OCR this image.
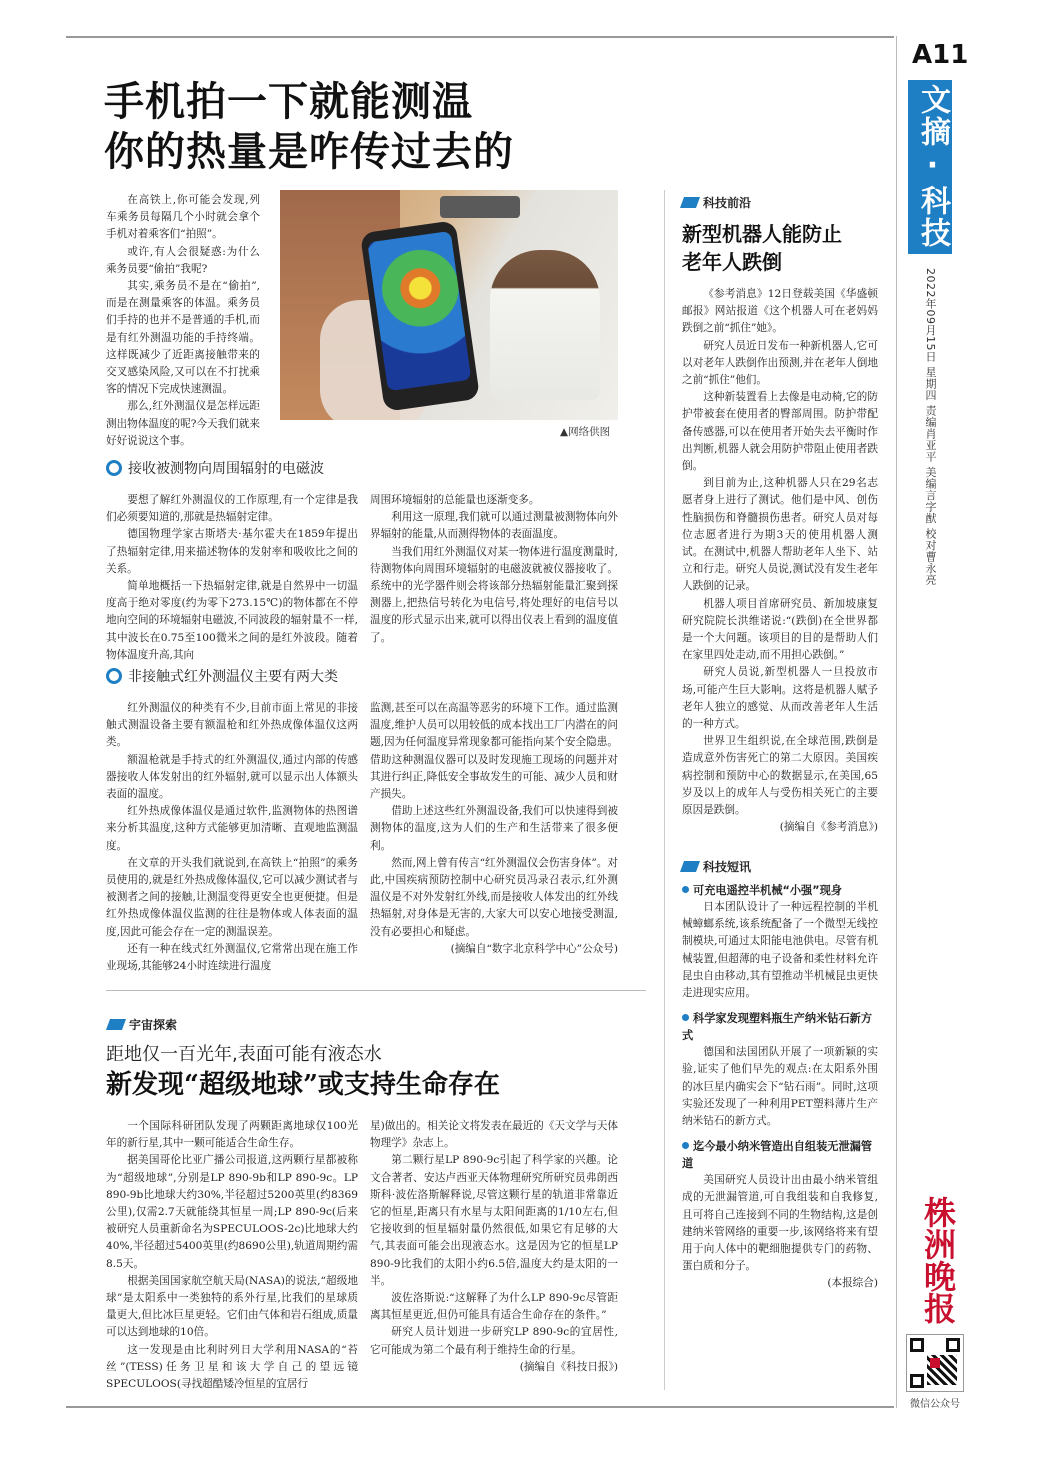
A11
文摘·科技
2022年09月15日 星期四 责编肖亚平 美编言字猷 校对曹永亮
株洲晚报
微信公众号
手机拍一下就能测温
你的热量是咋传过去的

在高铁上,你可能会发现,列车乘务员每隔几个小时就会拿个手机对着乘客们“拍照”。

或许,有人会很疑惑:为什么乘务员要“偷拍”我呢?

其实,乘务员不是在“偷拍”,而是在测量乘客的体温。乘务员们手持的也并不是普通的手机,而是有红外测温功能的手持终端。这样既减少了近距离接触带来的交叉感染风险,又可以在不打扰乘客的情况下完成快速测温。

那么,红外测温仪是怎样远距测出物体温度的呢?今天我们就来好好说说这个事。

▲网络供图
接收被测物向周围辐射的电磁波

要想了解红外测温仪的工作原理,有一个定律是我们必须要知道的,那就是热辐射定律。

德国物理学家古斯塔夫·基尔霍夫在1859年提出了热辐射定律,用来描述物体的发射率和吸收比之间的关系。

简单地概括一下热辐射定律,就是自然界中一切温度高于绝对零度(约为零下273.15℃)的物体都在不停地向空间的环境辐射电磁波,不同波段的辐射量不一样,其中波长在0.75至100微米之间的是红外波段。随着物体温度升高,其向

周围环境辐射的总能量也逐渐变多。

利用这一原理,我们就可以通过测量被测物体向外界辐射的能量,从而测得物体的表面温度。

当我们用红外测温仪对某一物体进行温度测量时,待测物体向周围环境辐射的电磁波就被仪器接收了。系统中的光学器件则会将该部分热辐射能量汇聚到探测器上,把热信号转化为电信号,将处理好的电信号以温度的形式显示出来,就可以得出仪表上看到的温度值了。

非接触式红外测温仪主要有两大类

红外测温仪的种类有不少,目前市面上常见的非接触式测温设备主要有额温枪和红外热成像体温仪这两类。

额温枪就是手持式的红外测温仪,通过内部的传感器接收人体发射出的红外辐射,就可以显示出人体额头表面的温度。

红外热成像体温仪是通过软件,监测物体的热图谱来分析其温度,这种方式能够更加清晰、直观地监测温度。

在文章的开头我们就说到,在高铁上“拍照”的乘务员使用的,就是红外热成像体温仪,它可以减少测试者与被测者之间的接触,让测温变得更安全也更便捷。但是红外热成像体温仪监测的往往是物体或人体表面的温度,因此可能会存在一定的测温误差。

还有一种在线式红外测温仪,它常常出现在施工作业现场,其能够24小时连续进行温度

监测,甚至可以在高温等恶劣的环境下工作。通过监测温度,维护人员可以用较低的成本找出工厂内潜在的问题,因为任何温度异常现象都可能指向某个安全隐患。借助这种测温仪器可以及时发现施工现场的问题并对其进行纠正,降低安全事故发生的可能、减少人员和财产损失。

借助上述这些红外测温设备,我们可以快速得到被测物体的温度,这为人们的生产和生活带来了很多便利。

然而,网上曾有传言“红外测温仪会伤害身体”。对此,中国疾病预防控制中心研究员冯录召表示,红外测温仪是不对外发射红外线,而是接收人体发出的红外线热辐射,对身体是无害的,大家大可以安心地接受测温,没有必要担心和疑虑。

(摘编自“数字北京科学中心”公众号)

宇宙探索
距地仅一百光年,表面可能有液态水
新发现“超级地球”或支持生命存在

一个国际科研团队发现了两颗距离地球仅100光年的新行星,其中一颗可能适合生命生存。

据美国哥伦比亚广播公司报道,这两颗行星都被称为“超级地球”,分别是LP 890-9b和LP 890-9c。LP 890-9b比地球大约30%,半径超过5200英里(约8369公里),仅需2.7天就能绕其恒星一周;LP 890-9c(后来被研究人员重新命名为SPECULOOS-2c)比地球大约40%,半径超过5400英里(约8690公里),轨道周期约需8.5天。

根据美国国家航空航天局(NASA)的说法,“超级地球”是太阳系中一类独特的系外行星,比我们的星球质量更大,但比冰巨星更轻。它们由气体和岩石组成,质量可以达到地球的10倍。

这一发现是由比利时列日大学利用NASA的“苔丝”(TESS)任务卫星和该大学自己的望远镜SPECULOOS(寻找超酷矮冷恒星的宜居行

星)做出的。相关论文将发表在最近的《天文学与天体物理学》杂志上。

第二颗行星LP 890-9c引起了科学家的兴趣。论文合著者、安达卢西亚天体物理研究所研究员弗朗西斯科·波佐洛斯解释说,尽管这颗行星的轨道非常靠近它的恒星,距离只有水星与太阳间距离的1/10左右,但它接收到的恒星辐射量仍然很低,如果它有足够的大气,其表面可能会出现液态水。这是因为它的恒星LP 890-9比我们的太阳小约6.5倍,温度大约是太阳的一半。

波佐洛斯说:“这解释了为什么LP 890-9c尽管距离其恒星更近,但仍可能具有适合生命存在的条件。”

研究人员计划进一步研究LP 890-9c的宜居性,它可能成为第二个最有利于维持生命的行星。

(摘编自《科技日报》)

科技前沿
新型机器人能防止
老年人跌倒

《参考消息》12日登载美国《华盛顿邮报》网站报道《这个机器人可在老妈妈跌倒之前“抓住”她》。

研究人员近日发布一种新机器人,它可以对老年人跌倒作出预测,并在老年人倒地之前“抓住”他们。

这种新装置看上去像是电动椅,它的防护带被套在使用者的臀部周围。防护带配备传感器,可以在使用者开始失去平衡时作出判断,机器人就会用防护带阻止使用者跌倒。

到目前为止,这种机器人只在29名志愿者身上进行了测试。他们是中风、创伤性脑损伤和脊髓损伤患者。研究人员对每位志愿者进行为期3天的使用机器人测试。在测试中,机器人帮助老年人坐下、站立和行走。研究人员说,测试没有发生老年人跌倒的记录。

机器人项目首席研究员、新加坡康复研究院院长洪维诺说:“(跌倒)在全世界都是一个大问题。该项目的目的是帮助人们在家里四处走动,而不用担心跌倒。”

研究人员说,新型机器人一旦投放市场,可能产生巨大影响。这将是机器人赋予老年人独立的感觉、从而改善老年人生活的一种方式。

世界卫生组织说,在全球范围,跌倒是造成意外伤害死亡的第二大原因。美国疾病控制和预防中心的数据显示,在美国,65岁及以上的成年人与受伤相关死亡的主要原因是跌倒。

(摘编自《参考消息》)

科技短讯
可充电遥控半机械“小强”现身

日本团队设计了一种远程控制的半机械蟑螂系统,该系统配备了一个微型无线控制模块,可通过太阳能电池供电。尽管有机械装置,但超薄的电子设备和柔性材料允许昆虫自由移动,其有望推动半机械昆虫更快走进现实应用。

科学家发现塑料瓶生产纳米钻石新方式

德国和法国团队开展了一项新颖的实验,证实了他们早先的观点:在太阳系外围的冰巨星内确实会下“钻石雨”。同时,这项实验还发现了一种利用PET塑料薄片生产纳米钻石的新方式。

迄今最小纳米管造出自组装无泄漏管道

美国研究人员设计出由最小纳米管组成的无泄漏管道,可自我组装和自我修复,且可将自己连接到不同的生物结构,这是创建纳米管网络的重要一步,该网络将来有望用于向人体中的靶细胞提供专门的药物、蛋白质和分子。

(本报综合)
